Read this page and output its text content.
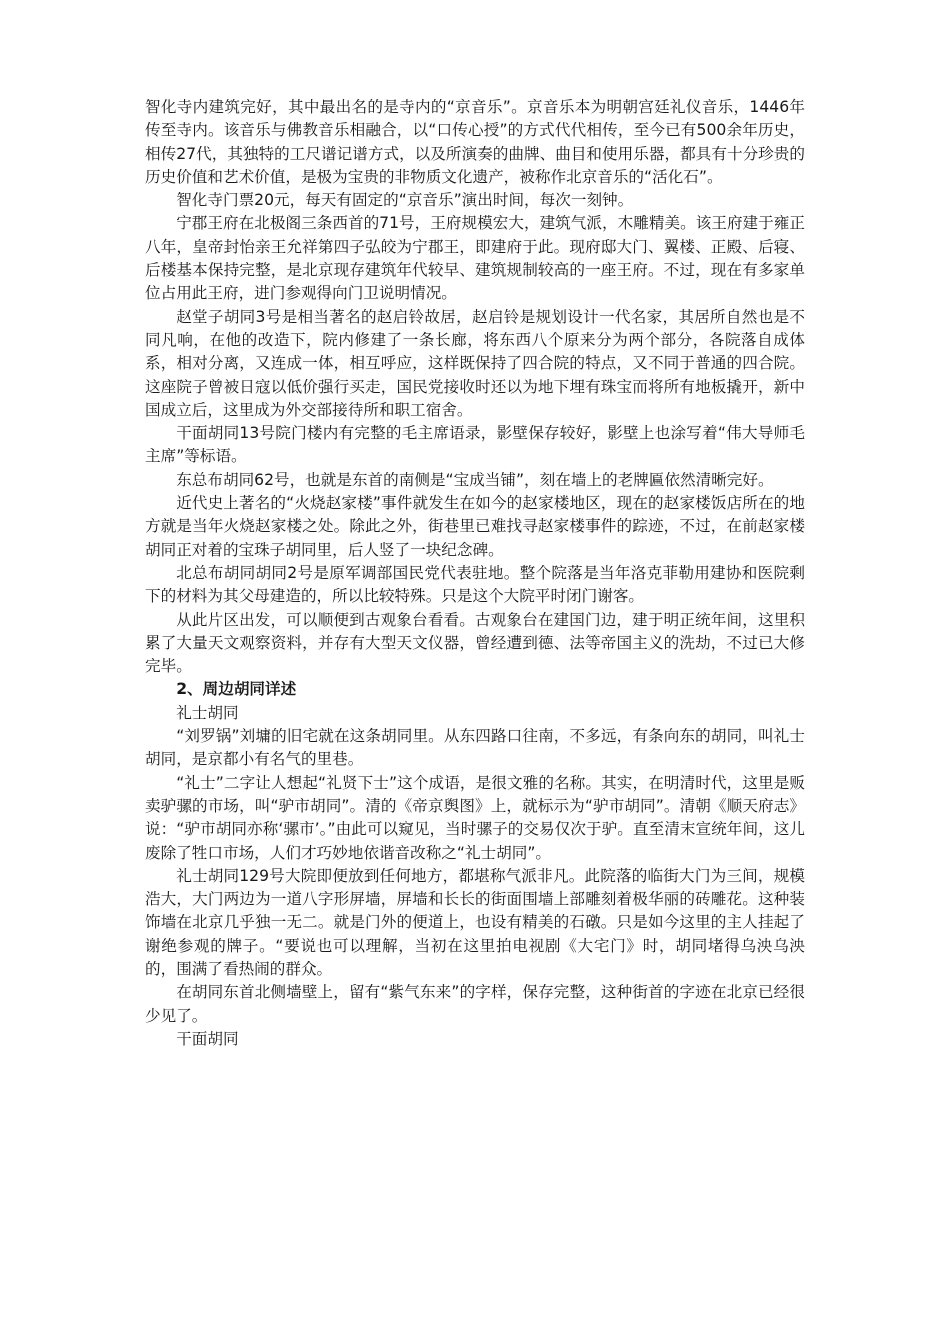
智化寺内建筑完好，其中最出名的是寺内的“京音乐”。京音乐本为明朝宫廷礼仪音乐，1446年传至寺内。该音乐与佛教音乐相融合，以“口传心授”的方式代代相传，至今已有500余年历史，相传27代，其独特的工尺谱记谱方式，以及所演奏的曲牌、曲目和使用乐器，都具有十分珍贵的历史价值和艺术价值，是极为宝贵的非物质文化遗产，被称作北京音乐的“活化石”。

智化寺门票20元，每天有固定的“京音乐”演出时间，每次一刻钟。

宁郡王府在北极阁三条西首的71号，王府规模宏大，建筑气派，木雕精美。该王府建于雍正八年，皇帝封怡亲王允祥第四子弘皎为宁郡王，即建府于此。现府邸大门、翼楼、正殿、后寝、后楼基本保持完整，是北京现存建筑年代较早、建筑规制较高的一座王府。不过，现在有多家单位占用此王府，进门参观得向门卫说明情况。

赵堂子胡同3号是相当著名的赵启铃故居，赵启铃是规划设计一代名家，其居所自然也是不同凡响，在他的改造下，院内修建了一条长廊，将东西八个原来分为两个部分，各院落自成体系，相对分离，又连成一体，相互呼应，这样既保持了四合院的特点，又不同于普通的四合院。这座院子曾被日寇以低价强行买走，国民党接收时还以为地下埋有珠宝而将所有地板撬开，新中国成立后，这里成为外交部接待所和职工宿舍。

干面胡同13号院门楼内有完整的毛主席语录，影壁保存较好，影壁上也涂写着“伟大导师毛主席”等标语。

东总布胡同62号，也就是东首的南侧是“宝成当铺”，刻在墙上的老牌匾依然清晰完好。

近代史上著名的“火烧赵家楼”事件就发生在如今的赵家楼地区，现在的赵家楼饭店所在的地方就是当年火烧赵家楼之处。除此之外，街巷里已难找寻赵家楼事件的踪迹，不过，在前赵家楼胡同正对着的宝珠子胡同里，后人竖了一块纪念碑。

北总布胡同胡同2号是原军调部国民党代表驻地。整个院落是当年洛克菲勒用建协和医院剩下的材料为其父母建造的，所以比较特殊。只是这个大院平时闭门谢客。

从此片区出发，可以顺便到古观象台看看。古观象台在建国门边，建于明正统年间，这里积累了大量天文观察资料，并存有大型天文仪器，曾经遭到德、法等帝国主义的洗劫，不过已大修完毕。

2、周边胡同详述

礼士胡同

“刘罗锅”刘墉的旧宅就在这条胡同里。从东四路口往南，不多远，有条向东的胡同，叫礼士胡同，是京都小有名气的里巷。

“礼士”二字让人想起“礼贤下士”这个成语，是很文雅的名称。其实，在明清时代，这里是贩卖驴骡的市场，叫“驴市胡同”。清的《帝京舆图》上，就标示为“驴市胡同”。清朝《顺天府志》说：“驴市胡同亦称‘骡市’。”由此可以窥见，当时骡子的交易仅次于驴。直至清末宣统年间，这儿废除了牲口市场，人们才巧妙地依谐音改称之“礼士胡同”。

礼士胡同129号大院即便放到任何地方，都堪称气派非凡。此院落的临街大门为三间，规模浩大，大门两边为一道八字形屏墙，屏墙和长长的街面围墙上部雕刻着极华丽的砖雕花。这种装饰墙在北京几乎独一无二。就是门外的便道上，也设有精美的石礅。只是如今这里的主人挂起了谢绝参观的牌子。“要说也可以理解，当初在这里拍电视剧《大宅门》时，胡同堵得乌泱乌泱的，围满了看热闹的群众。

在胡同东首北侧墙壁上，留有“紫气东来”的字样，保存完整，这种街首的字迹在北京已经很少见了。

干面胡同
